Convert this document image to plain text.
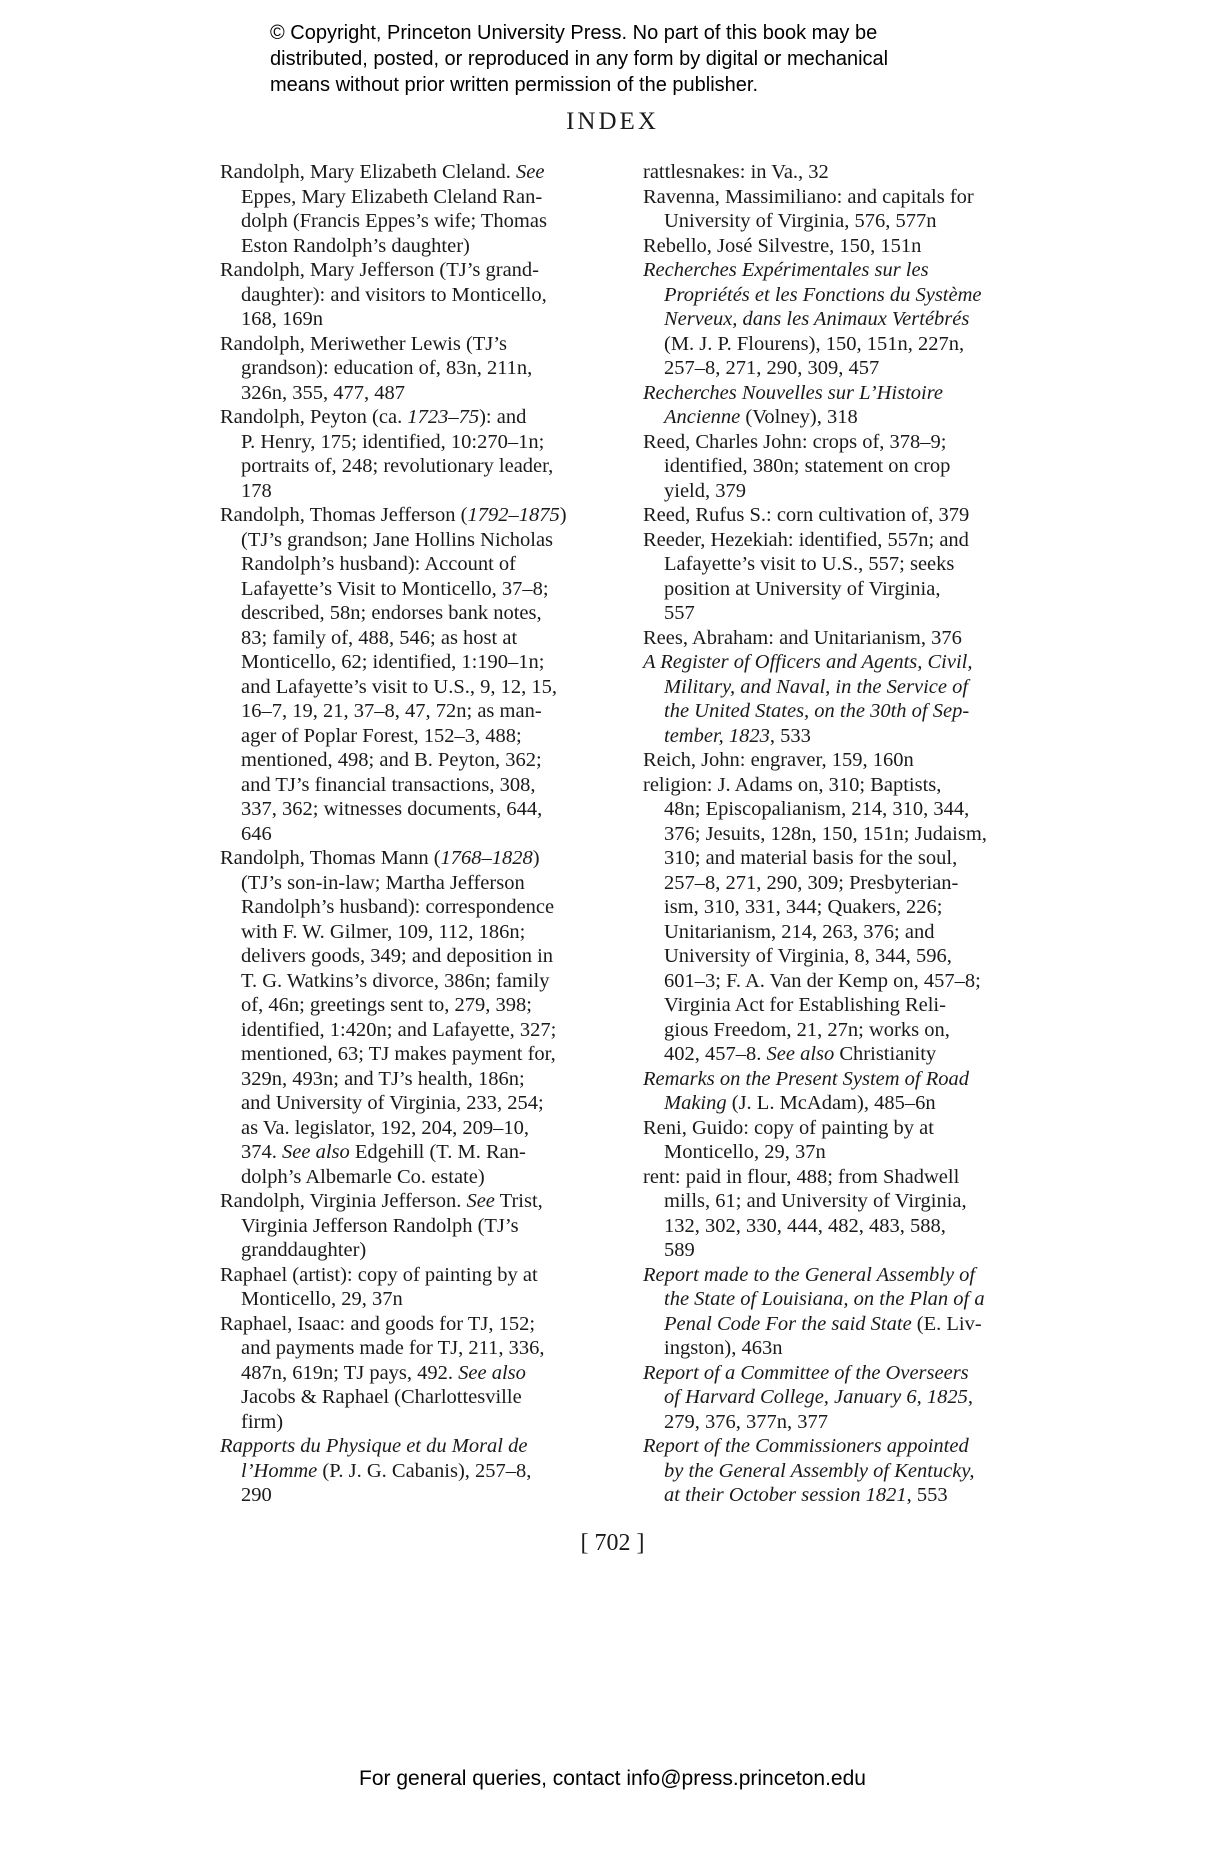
© Copyright, Princeton University Press. No part of this book may be
distributed, posted, or reproduced in any form by digital or mechanical
means without prior written permission of the publisher.
INDEX

Randolph, Mary Elizabeth Cleland. See
Eppes, Mary Elizabeth Cleland Ran-
dolph (Francis Eppes’s wife; Thomas
Eston Randolph’s daughter)

Randolph, Mary Jefferson (TJ’s grand-
daughter): and visitors to Monticello,
168, 169n

Randolph, Meriwether Lewis (TJ’s
grandson): education of, 83n, 211n,
326n, 355, 477, 487

Randolph, Peyton (ca. 1723–75): and
P. Henry, 175; identified, 10:270–1n;
portraits of, 248; revolutionary leader,
178

Randolph, Thomas Jefferson (1792–1875)
(TJ’s grandson; Jane Hollins Nicholas
Randolph’s husband): Account of
Lafayette’s Visit to Monticello, 37–8;
described, 58n; endorses bank notes,
83; family of, 488, 546; as host at
Monticello, 62; identified, 1:190–1n;
and Lafayette’s visit to U.S., 9, 12, 15,
16–7, 19, 21, 37–8, 47, 72n; as man-
ager of Poplar Forest, 152–3, 488;
mentioned, 498; and B. Peyton, 362;
and TJ’s financial transactions, 308,
337, 362; witnesses documents, 644,
646

Randolph, Thomas Mann (1768–1828)
(TJ’s son-in-law; Martha Jefferson
Randolph’s husband): correspondence
with F. W. Gilmer, 109, 112, 186n;
delivers goods, 349; and deposition in
T. G. Watkins’s divorce, 386n; family
of, 46n; greetings sent to, 279, 398;
identified, 1:420n; and Lafayette, 327;
mentioned, 63; TJ makes payment for,
329n, 493n; and TJ’s health, 186n;
and University of Virginia, 233, 254;
as Va. legislator, 192, 204, 209–10,
374. See also Edgehill (T. M. Ran-
dolph’s Albemarle Co. estate)

Randolph, Virginia Jefferson. See Trist,
Virginia Jefferson Randolph (TJ’s
granddaughter)

Raphael (artist): copy of painting by at
Monticello, 29, 37n

Raphael, Isaac: and goods for TJ, 152;
and payments made for TJ, 211, 336,
487n, 619n; TJ pays, 492. See also
Jacobs & Raphael (Charlottesville
firm)

Rapports du Physique et du Moral de
l’Homme (P. J. G. Cabanis), 257–8,
290

rattlesnakes: in Va., 32

Ravenna, Massimiliano: and capitals for
University of Virginia, 576, 577n

Rebello, José Silvestre, 150, 151n

Recherches Expérimentales sur les
Propriétés et les Fonctions du Système
Nerveux, dans les Animaux Vertébrés
(M. J. P. Flourens), 150, 151n, 227n,
257–8, 271, 290, 309, 457

Recherches Nouvelles sur L’Histoire
Ancienne (Volney), 318

Reed, Charles John: crops of, 378–9;
identified, 380n; statement on crop
yield, 379

Reed, Rufus S.: corn cultivation of, 379

Reeder, Hezekiah: identified, 557n; and
Lafayette’s visit to U.S., 557; seeks
position at University of Virginia,
557

Rees, Abraham: and Unitarianism, 376

A Register of Officers and Agents, Civil,
Military, and Naval, in the Service of
the United States, on the 30th of Sep-
tember, 1823, 533

Reich, John: engraver, 159, 160n

religion: J. Adams on, 310; Baptists,
48n; Episcopalianism, 214, 310, 344,
376; Jesuits, 128n, 150, 151n; Judaism,
310; and material basis for the soul,
257–8, 271, 290, 309; Presbyterian-
ism, 310, 331, 344; Quakers, 226;
Unitarianism, 214, 263, 376; and
University of Virginia, 8, 344, 596,
601–3; F. A. Van der Kemp on, 457–8;
Virginia Act for Establishing Reli-
gious Freedom, 21, 27n; works on,
402, 457–8. See also Christianity

Remarks on the Present System of Road
Making (J. L. McAdam), 485–6n

Reni, Guido: copy of painting by at
Monticello, 29, 37n

rent: paid in flour, 488; from Shadwell
mills, 61; and University of Virginia,
132, 302, 330, 444, 482, 483, 588,
589

Report made to the General Assembly of
the State of Louisiana, on the Plan of a
Penal Code For the said State (E. Liv-
ingston), 463n

Report of a Committee of the Overseers
of Harvard College, January 6, 1825,
279, 376, 377n, 377

Report of the Commissioners appointed
by the General Assembly of Kentucky,
at their October session 1821, 553

[ 702 ]
For general queries, contact info@press.princeton.edu
